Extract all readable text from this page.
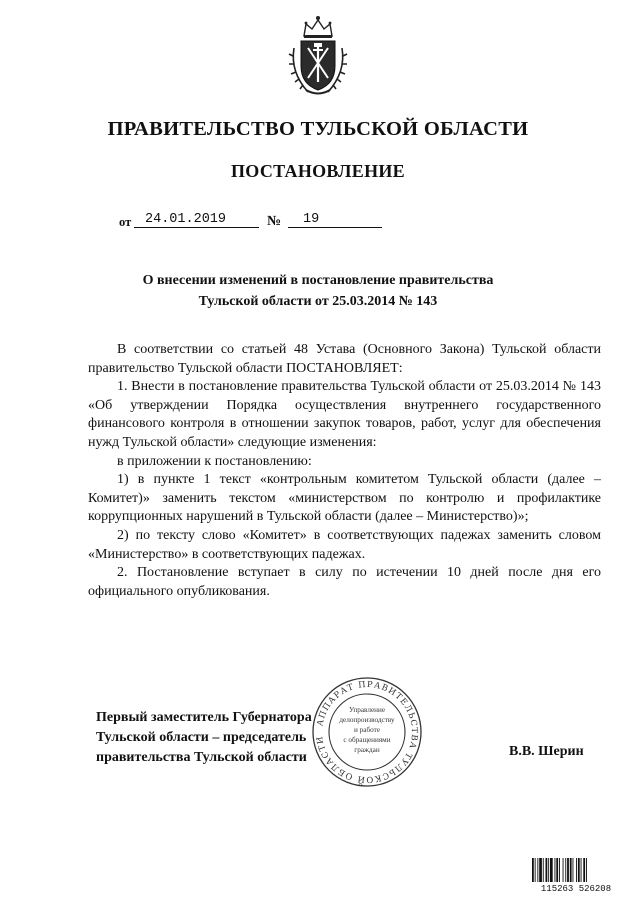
ПРАВИТЕЛЬСТВО ТУЛЬСКОЙ ОБЛАСТИ
ПОСТАНОВЛЕНИЕ
от 24.01.2019	№ 19
О внесении изменений в постановление правительства
Тульской области от 25.03.2014 № 143

В соответствии со статьей 48 Устава (Основного Закона) Тульской области правительство Тульской области ПОСТАНОВЛЯЕТ:

1. Внести в постановление правительства Тульской области от 25.03.2014 № 143 «Об утверждении Порядка осуществления внутреннего государственного финансового контроля в отношении закупок товаров, работ, услуг для обеспечения нужд Тульской области» следующие изменения:

в приложении к постановлению:

1) в пункте 1 текст «контрольным комитетом Тульской области (далее – Комитет)» заменить текстом «министерством по контролю и профилактике коррупционных нарушений в Тульской области (далее – Министерство)»;

2) по тексту слово «Комитет» в соответствующих падежах заменить словом «Министерство» в соответствующих падежах.

2. Постановление вступает в силу по истечении 10 дней после дня его официального опубликования.

Первый заместитель Губернатора
Тульской области – председатель
правительства Тульской области	В.В. Шерин
АППАРАТ ПРАВИТЕЛЬСТВА ТУЛЬСКОЙ ОБЛАСТИ
Управление
делопроизводству
и работе
с обращениями
граждан
115263 526208
